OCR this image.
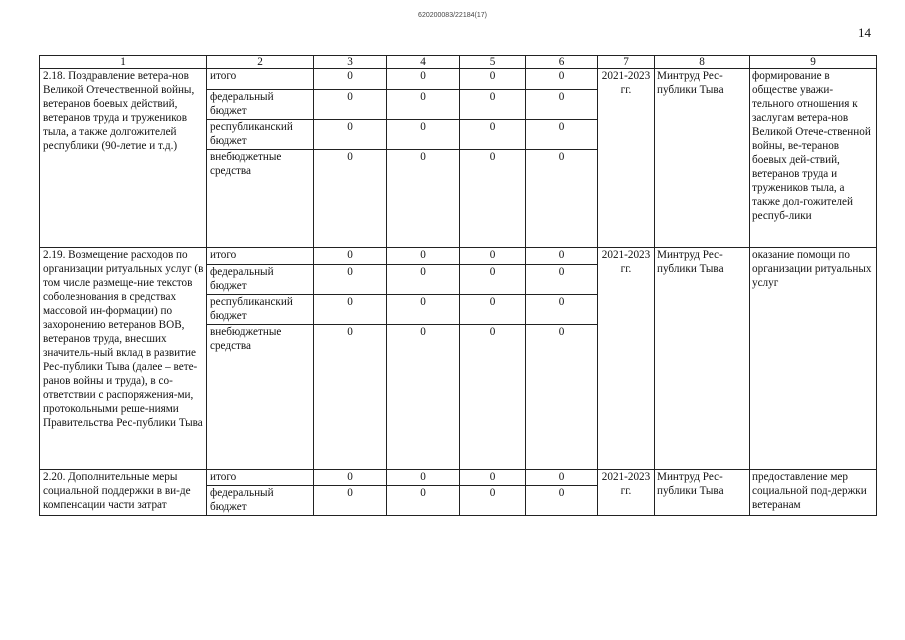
620200083/22184(17)
14
1	2	3	4	5	6	7	8	9
2.18. Поздравление ветера-нов Великой Отечественной войны, ветеранов боевых действий, ветеранов труда и тружеников тыла, а также долгожителей республики (90-летие и т.д.)	итого	0	0	0	0	2021-2023 гг.	Минтруд Рес-публики Тыва	формирование в обществе уважи-тельного отношения к заслугам ветера-нов Великой Отече-ственной войны, ве-теранов боевых дей-ствий, ветеранов труда и тружеников тыла, а также дол-гожителей респуб-лики
	федеральный бюджет	0	0	0	0			
	республиканский бюджет	0	0	0	0			
	внебюджетные средства	0	0	0	0			
2.19. Возмещение расходов по организации ритуальных услуг (в том числе размеще-ние текстов соболезнования в средствах массовой ин-формации) по захоронению ветеранов ВОВ, ветеранов труда, внесших значитель-ный вклад в развитие Рес-публики Тыва (далее – вете-ранов войны и труда), в со-ответствии с распоряжения-ми, протокольными реше-ниями Правительства Рес-публики Тыва	итого	0	0	0	0	2021-2023 гг.	Минтруд Рес-публики Тыва	оказание помощи по организации ритуальных услуг
	федеральный бюджет	0	0	0	0			
	республиканский бюджет	0	0	0	0			
	внебюджетные средства	0	0	0	0			
2.20. Дополнительные меры социальной поддержки в ви-де компенсации части затрат	итого	0	0	0	0	2021-2023 гг.	Минтруд Рес-публики Тыва	предоставление мер социальной под-держки ветеранам
	федеральный бюджет	0	0	0	0			
